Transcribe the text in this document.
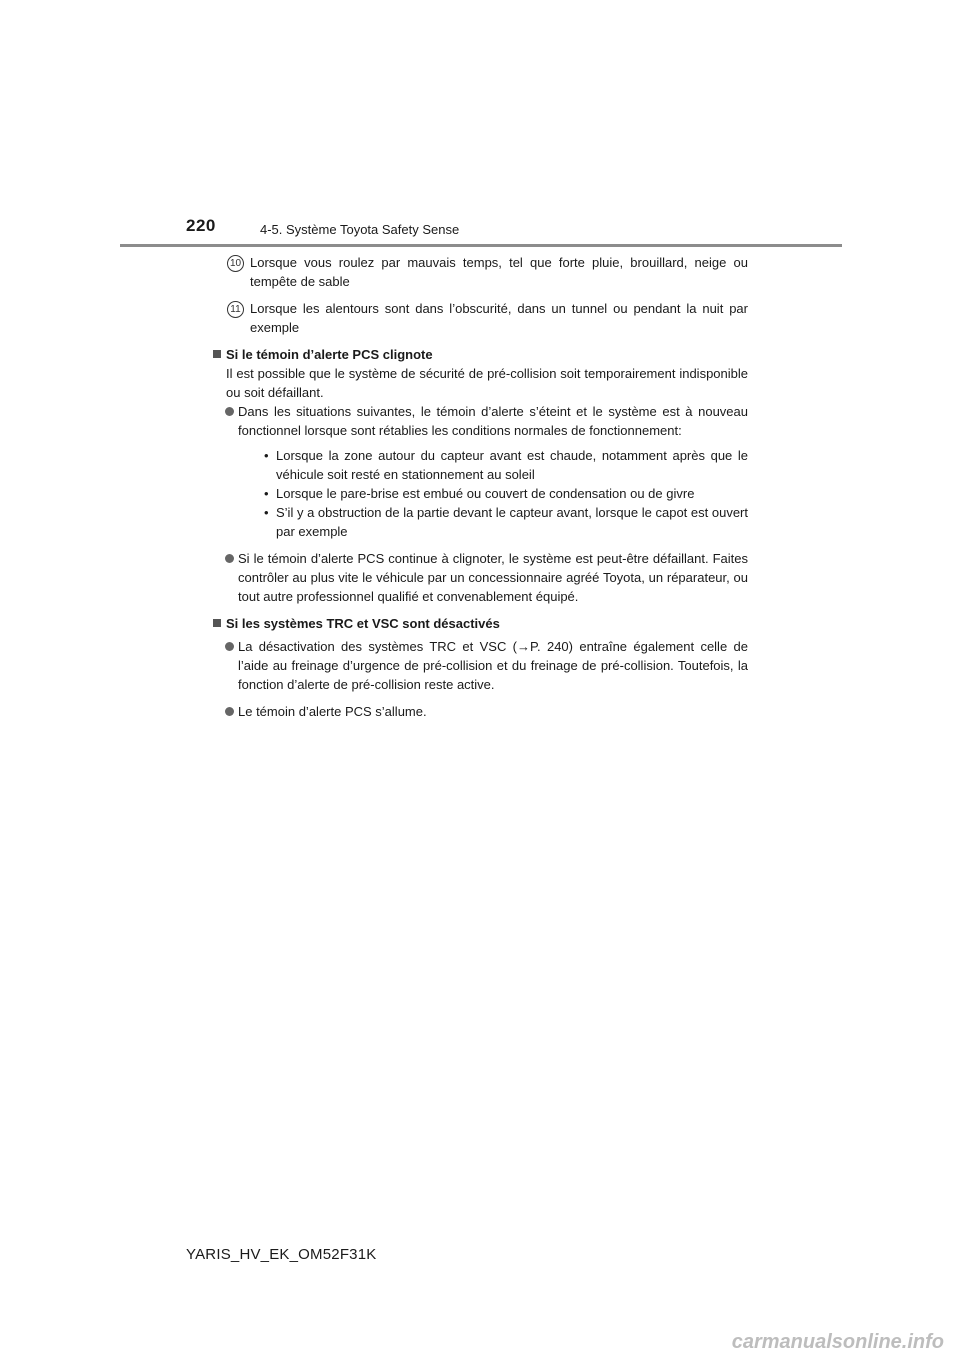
220	4-5. Système Toyota Safety Sense
10 Lorsque vous roulez par mauvais temps, tel que forte pluie, brouillard, neige ou tempête de sable

11 Lorsque les alentours sont dans l’obscurité, dans un tunnel ou pendant la nuit par exemple

Si le témoin d’alerte PCS clignote

Il est possible que le système de sécurité de pré-collision soit temporairement indisponible ou soit défaillant.

Dans les situations suivantes, le témoin d’alerte s’éteint et le système est à nouveau fonctionnel lorsque sont rétablies les conditions normales de fonctionnement:

• Lorsque la zone autour du capteur avant est chaude, notamment après que le véhicule soit resté en stationnement au soleil

• Lorsque le pare-brise est embué ou couvert de condensation ou de givre

• S’il y a obstruction de la partie devant le capteur avant, lorsque le capot est ouvert par exemple

Si le témoin d’alerte PCS continue à clignoter, le système est peut-être défaillant. Faites contrôler au plus vite le véhicule par un concessionnaire agréé Toyota, un réparateur, ou tout autre professionnel qualifié et convenablement équipé.

Si les systèmes TRC et VSC sont désactivés

La désactivation des systèmes TRC et VSC (→P. 240) entraîne également celle de l’aide au freinage d’urgence de pré-collision et du freinage de pré-collision. Toutefois, la fonction d’alerte de pré-collision reste active.

Le témoin d’alerte PCS s’allume.

YARIS_HV_EK_OM52F31K
carmanualsonline.info
